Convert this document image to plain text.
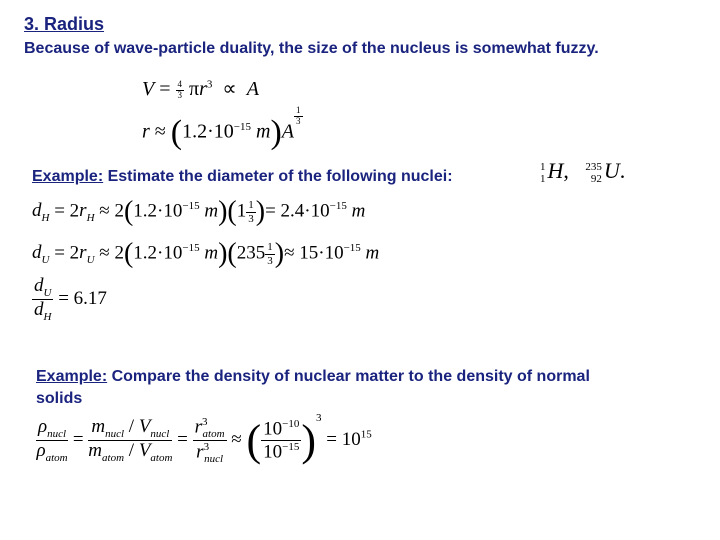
3. Radius
Because of wave-particle duality, the size of the nucleus is somewhat fuzzy.
$V = \frac{4}{3} \pi r^3 \propto A$
$r \approx (1.2\cdot 10^{-15}$ m)A
$^{\frac{1}{3}}$
Example: Estimate the diameter of the following nuclei:
1
1H,   235
92U.
$d_H = 2r_H \approx 2(1.2\cdot 10^{-15}$ $m)(1 \frac{1}{3}$ )= $2.4\cdot 10^{-15}$ m
$d_U = 2r_U \approx 2(1.2\cdot 10^{-15}$ $m)(235 \frac{1}{3}$ )≈ $15\cdot 10^{-15}$ m
$\frac{d_U}{d_H} = 6.17$
Example: Compare the density of nuclear matter to the density of normal solids
$\frac{\rho_{nucl}}{\rho_{atom}} = \frac{m_{nucl} / V_{nucl}}{m_{atom} / V_{atom}} = \frac{r^3_{atom}}{r^3_{nucl}}$ ≈ ( $\frac{10^{-10}}{10^{-15}} )^3 = 10^{15}$
